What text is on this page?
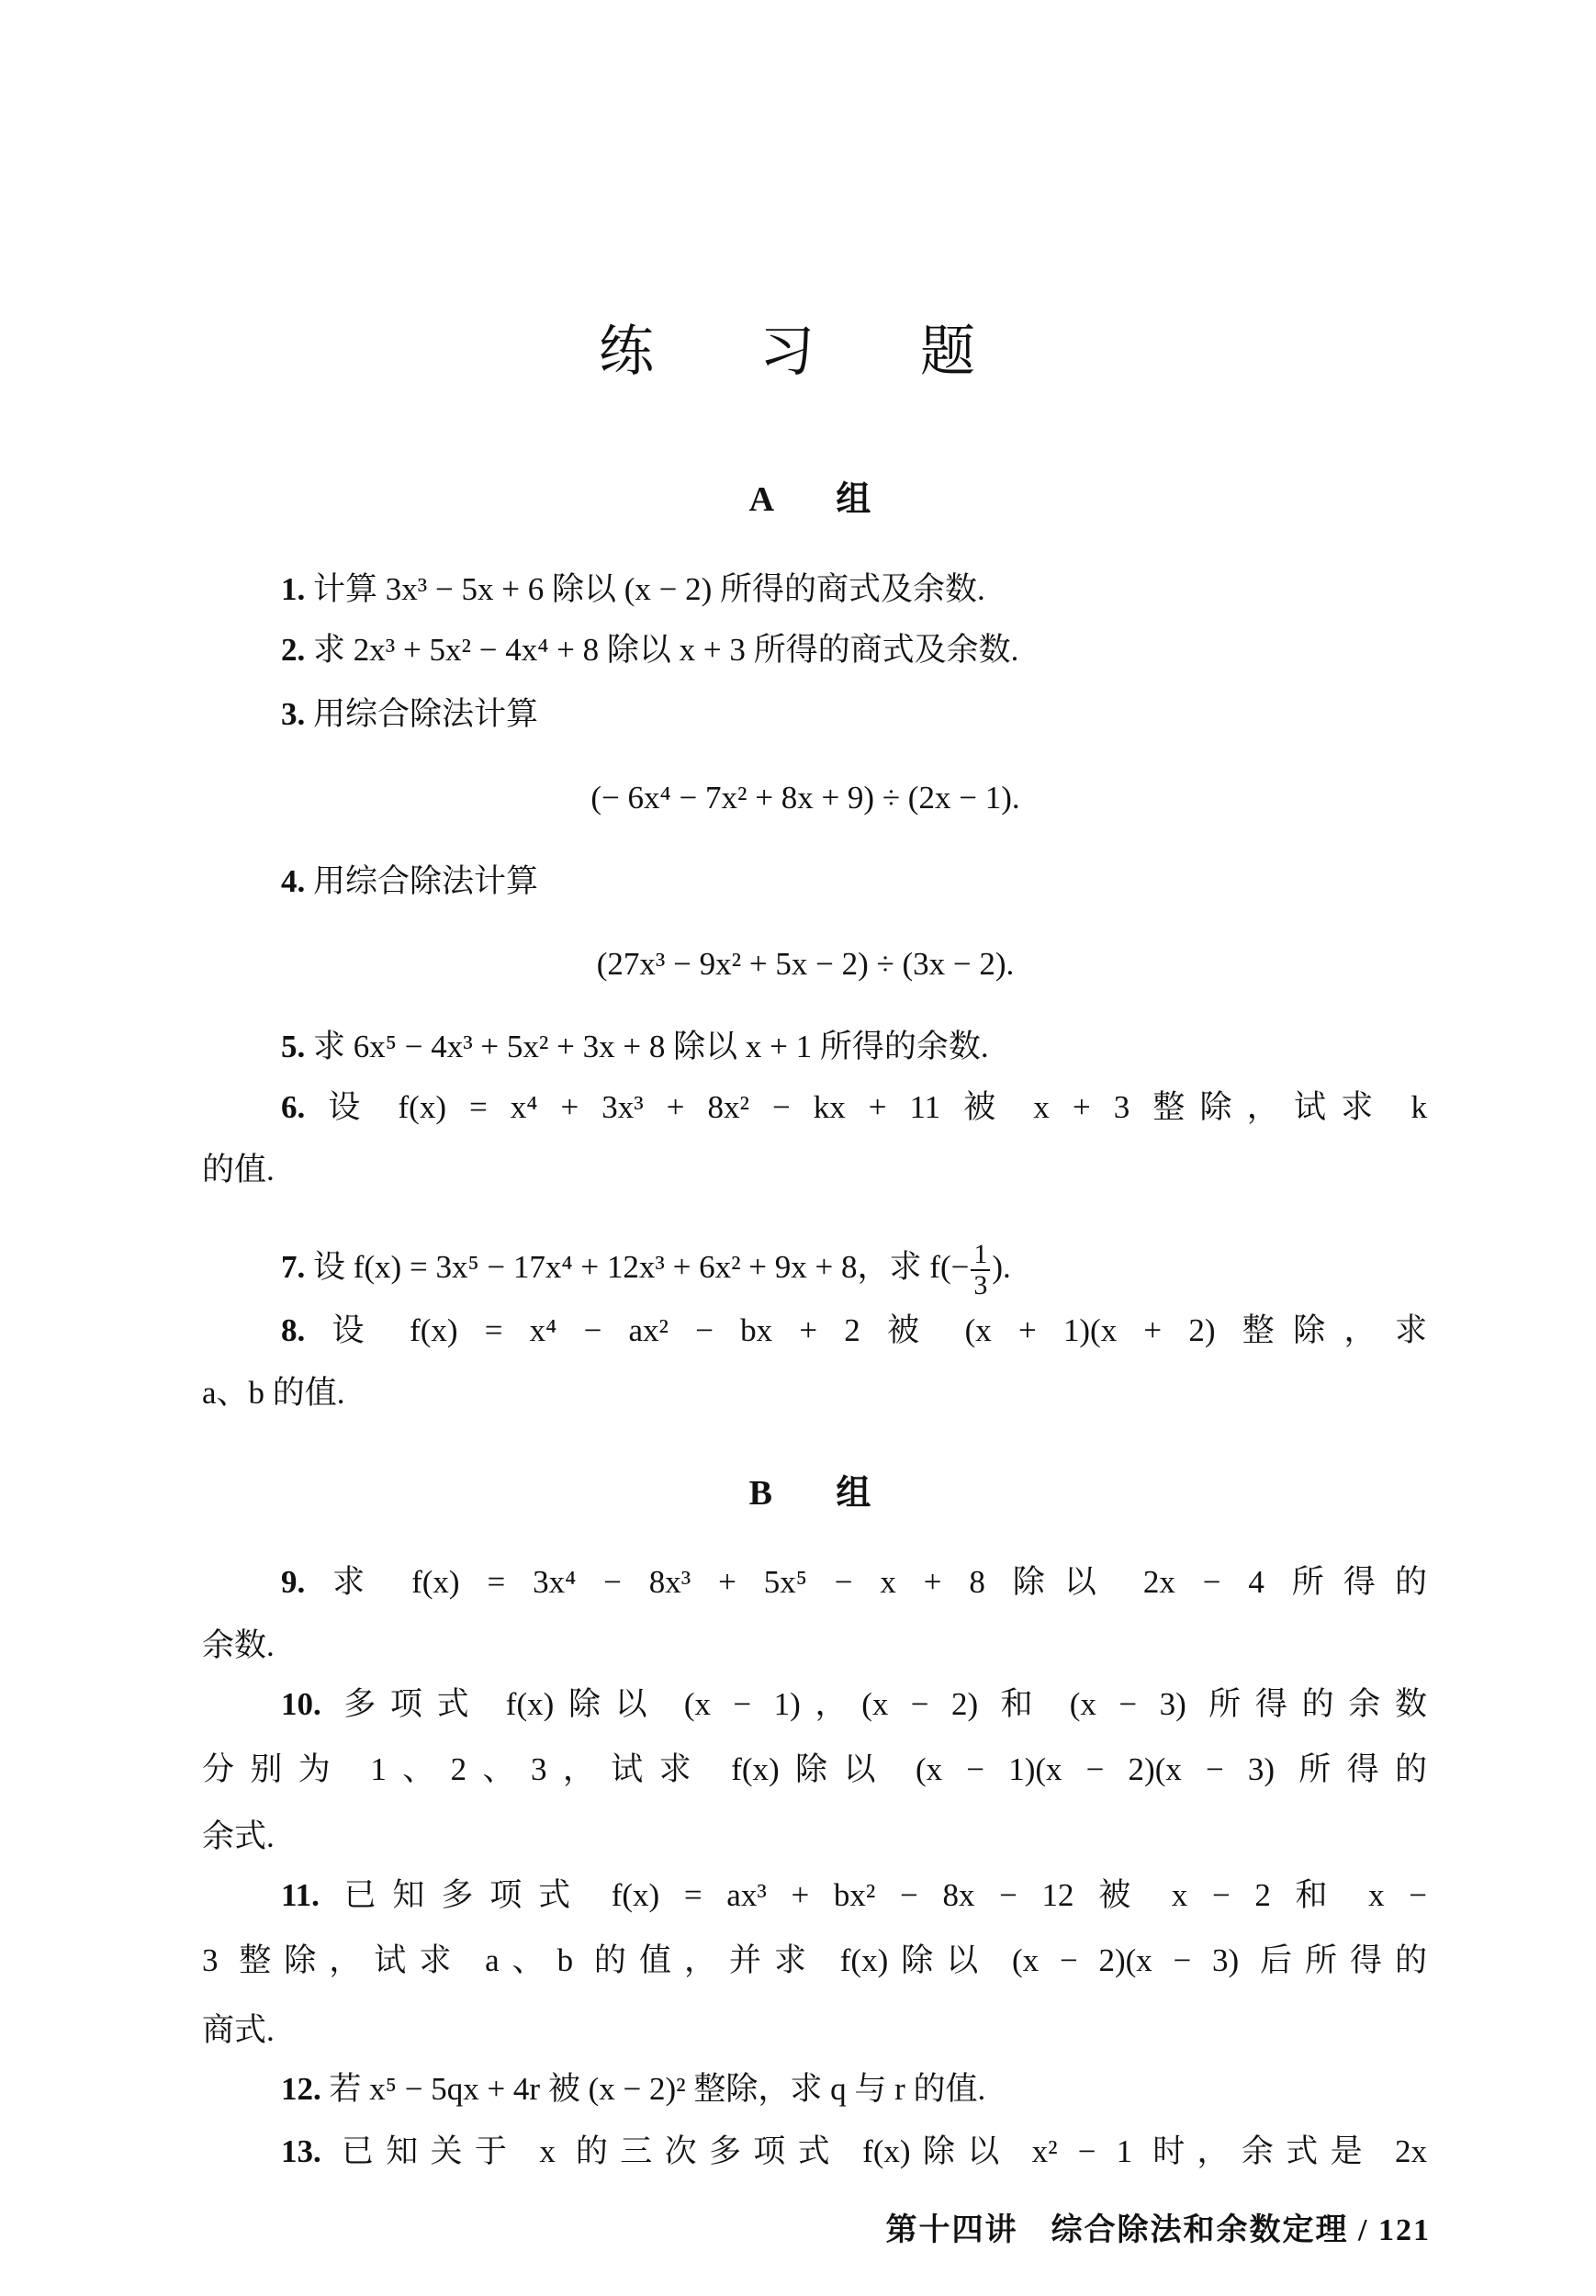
练 习 题
A 组
1. 计算 3x³ − 5x + 6 除以 (x − 2) 所得的商式及余数.
2. 求 2x³ + 5x² − 4x⁴ + 8 除以 x + 3 所得的商式及余数.
3. 用综合除法计算
(− 6x⁴ − 7x² + 8x + 9) ÷ (2x − 1).
4. 用综合除法计算
(27x³ − 9x² + 5x − 2) ÷ (3x − 2).
5. 求 6x⁵ − 4x³ + 5x² + 3x + 8 除以 x + 1 所得的余数.
6. 设 f(x) = x⁴ + 3x³ + 8x² − kx + 11 被 x + 3 整除，试求 k
的值.
7. 设 f(x) = 3x⁵ − 17x⁴ + 12x³ + 6x² + 9x + 8，求 $f(- \frac{1}{3}$ ).
8. 设 f(x) = x⁴ − ax² − bx + 2 被 (x + 1)(x + 2) 整除，求
a、b 的值.
B 组
9. 求 f(x) = 3x⁴ − 8x³ + 5x⁵ − x + 8 除以 2x − 4 所得的
余数.
10. 多项式 f(x)除以 (x − 1)，(x − 2) 和 (x − 3) 所得的余数
分别为 1、2、3，试求 f(x)除以 (x − 1)(x − 2)(x − 3) 所得的
余式.
11. 已知多项式 f(x) = ax³ + bx² − 8x − 12 被 x − 2 和 x −
3 整除，试求 a、b 的值，并求 f(x)除以 (x − 2)(x − 3) 后所得的
商式.
12. 若 x⁵ − 5qx + 4r 被 (x − 2)² 整除，求 q 与 r 的值.
13. 已知关于 x 的三次多项式 f(x)除以 x² − 1 时，余式是 2x
第十四讲　综合除法和余数定理 / 121
